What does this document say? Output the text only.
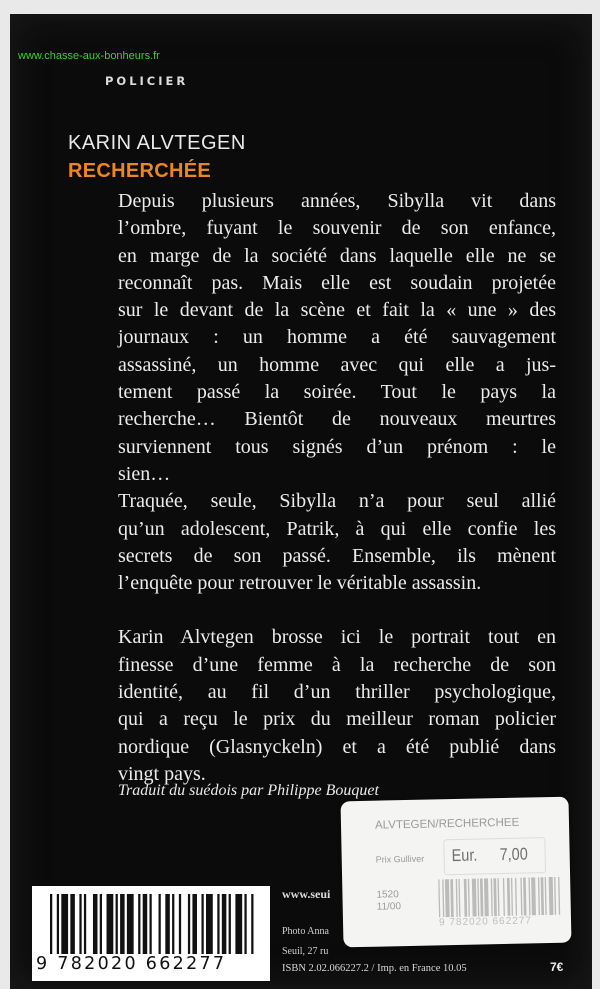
POLICIER
KARIN ALVTEGEN
RECHERCHÉE

Depuis plusieurs années, Sibylla vit dans
l’ombre, fuyant le souvenir de son enfance,
en marge de la société dans laquelle elle ne se
reconnaît pas. Mais elle est soudain projetée
sur le devant de la scène et fait la « une » des
journaux : un homme a été sauvagement
assassiné, un homme avec qui elle a jus-
tement passé la soirée. Tout le pays la
recherche… Bientôt de nouveaux meurtres
surviennent tous signés d’un prénom : le
sien…

Traquée, seule, Sibylla n’a pour seul allié
qu’un adolescent, Patrik, à qui elle confie les
secrets de son passé. Ensemble, ils mènent
l’enquête pour retrouver le véritable assassin.

Karin Alvtegen brosse ici le portrait tout en
finesse d’une femme à la recherche de son
identité, au fil d’un thriller psychologique,
qui a reçu le prix du meilleur roman policier
nordique (Glasnyckeln) et a été publié dans
vingt pays.

Traduit du suédois par Philippe Bouquet
9 782020 662277
www.seui
Photo Anna
Seuil, 27 ru
ISBN 2.02.066227.2 / Imp. en France 10.05	7€
ALVTEGEN/RECHERCHEE
Prix Gulliver Eur. 7,00
1520
11/00
9 782020 662277
www.chasse-aux-bonheurs.fr
